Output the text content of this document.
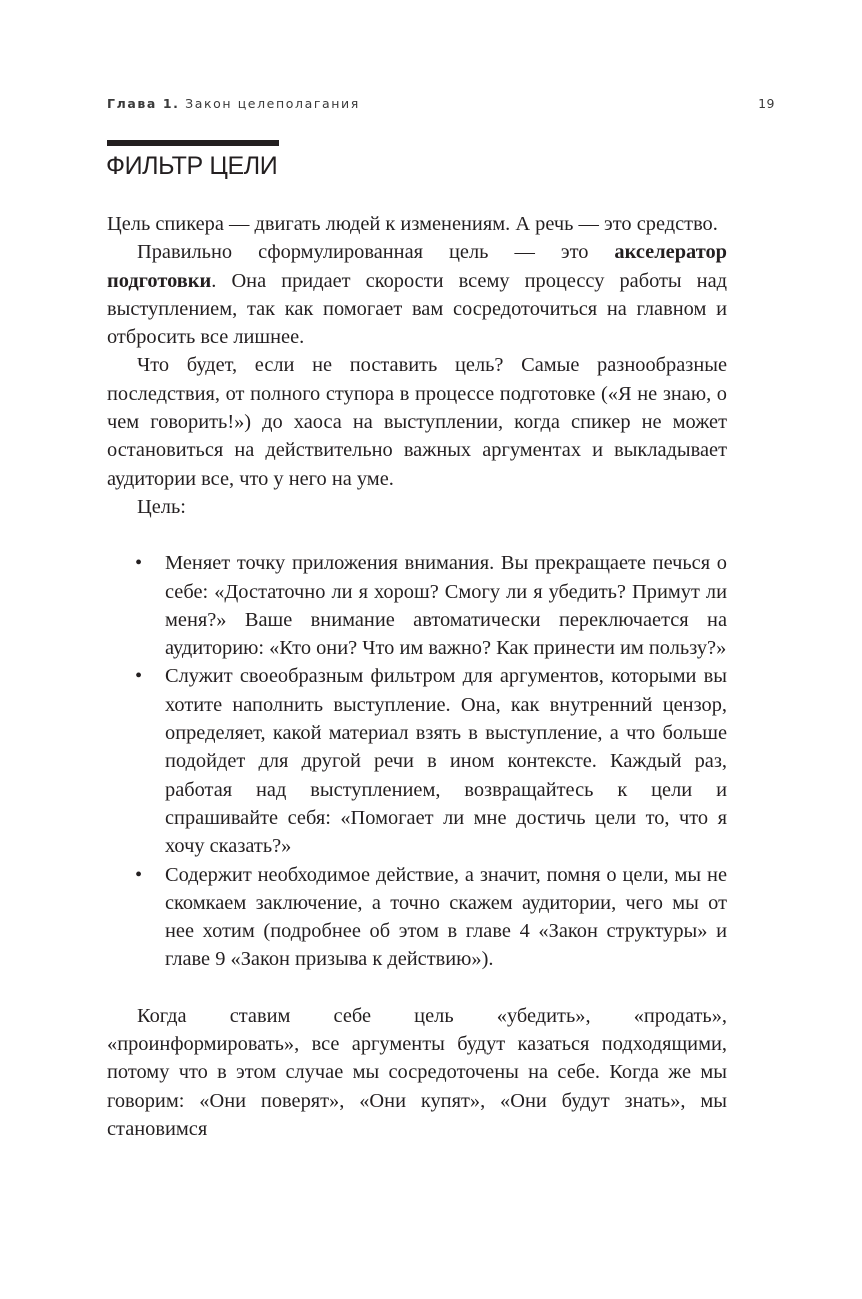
Глава 1. Закон целеполагания	19
ФИЛЬТР ЦЕЛИ

Цель спикера — двигать людей к изменениям. А речь — это средство.

Правильно сформулированная цель — это акселератор подготовки. Она придает скорости всему процессу работы над выступлением, так как помогает вам сосредоточиться на главном и отбросить все лишнее.

Что будет, если не поставить цель? Самые разнообразные последствия, от полного ступора в процессе подготовке («Я не знаю, о чем говорить!») до хаоса на выступлении, когда спикер не может остановиться на действительно важных аргументах и выкладывает аудитории все, что у него на уме.

Цель:

• Меняет точку приложения внимания. Вы прекращаете печься о себе: «Достаточно ли я хорош? Смогу ли я убедить? Примут ли меня?» Ваше внимание автоматически переключается на аудиторию: «Кто они? Что им важно? Как принести им пользу?»
• Служит своеобразным фильтром для аргументов, которыми вы хотите наполнить выступление. Она, как внутренний цензор, определяет, какой материал взять в выступление, а что больше подойдет для другой речи в ином контексте. Каждый раз, работая над выступлением, возвращайтесь к цели и спрашивайте себя: «Помогает ли мне достичь цели то, что я хочу сказать?»
• Содержит необходимое действие, а значит, помня о цели, мы не скомкаем заключение, а точно скажем аудитории, чего мы от нее хотим (подробнее об этом в главе 4 «Закон структуры» и главе 9 «Закон призыва к действию»).

Когда ставим себе цель «убедить», «продать», «проинформировать», все аргументы будут казаться подходящими, потому что в этом случае мы сосредоточены на себе. Когда же мы говорим: «Они поверят», «Они купят», «Они будут знать», мы становимся
